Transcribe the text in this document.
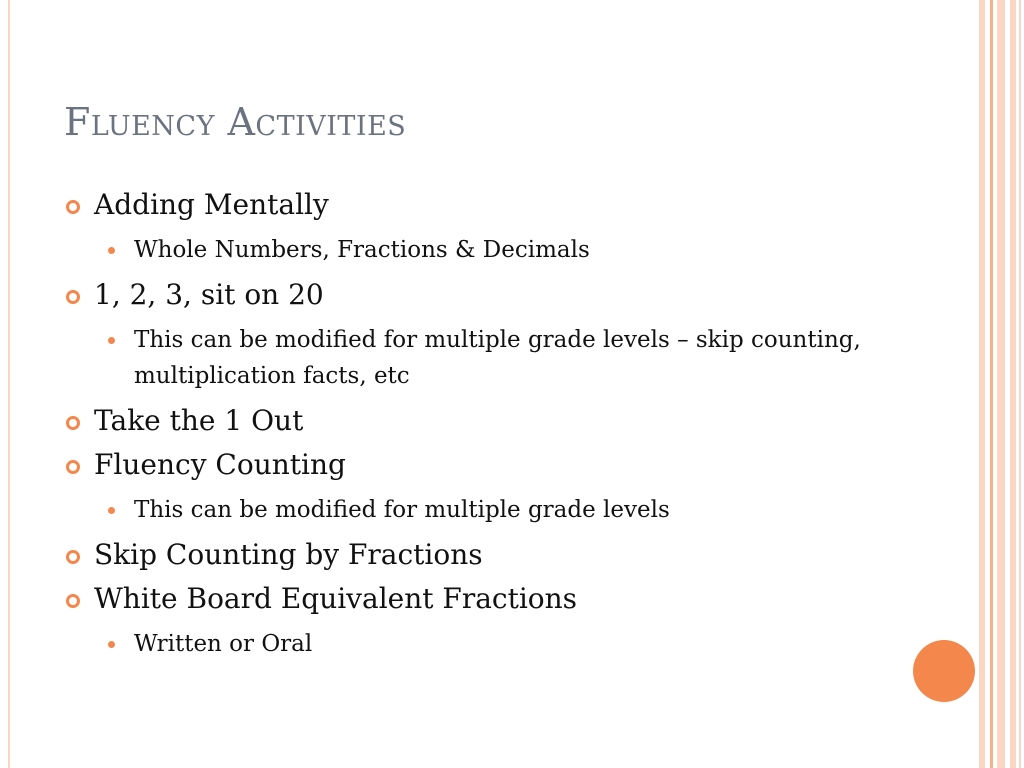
Fluency Activities
Adding Mentally
Whole Numbers, Fractions & Decimals
1, 2, 3, sit on 20
This can be modified for multiple grade levels – skip counting, multiplication facts, etc
Take the 1 Out
Fluency Counting
This can be modified for multiple grade levels
Skip Counting by Fractions
White Board Equivalent Fractions
Written or Oral
